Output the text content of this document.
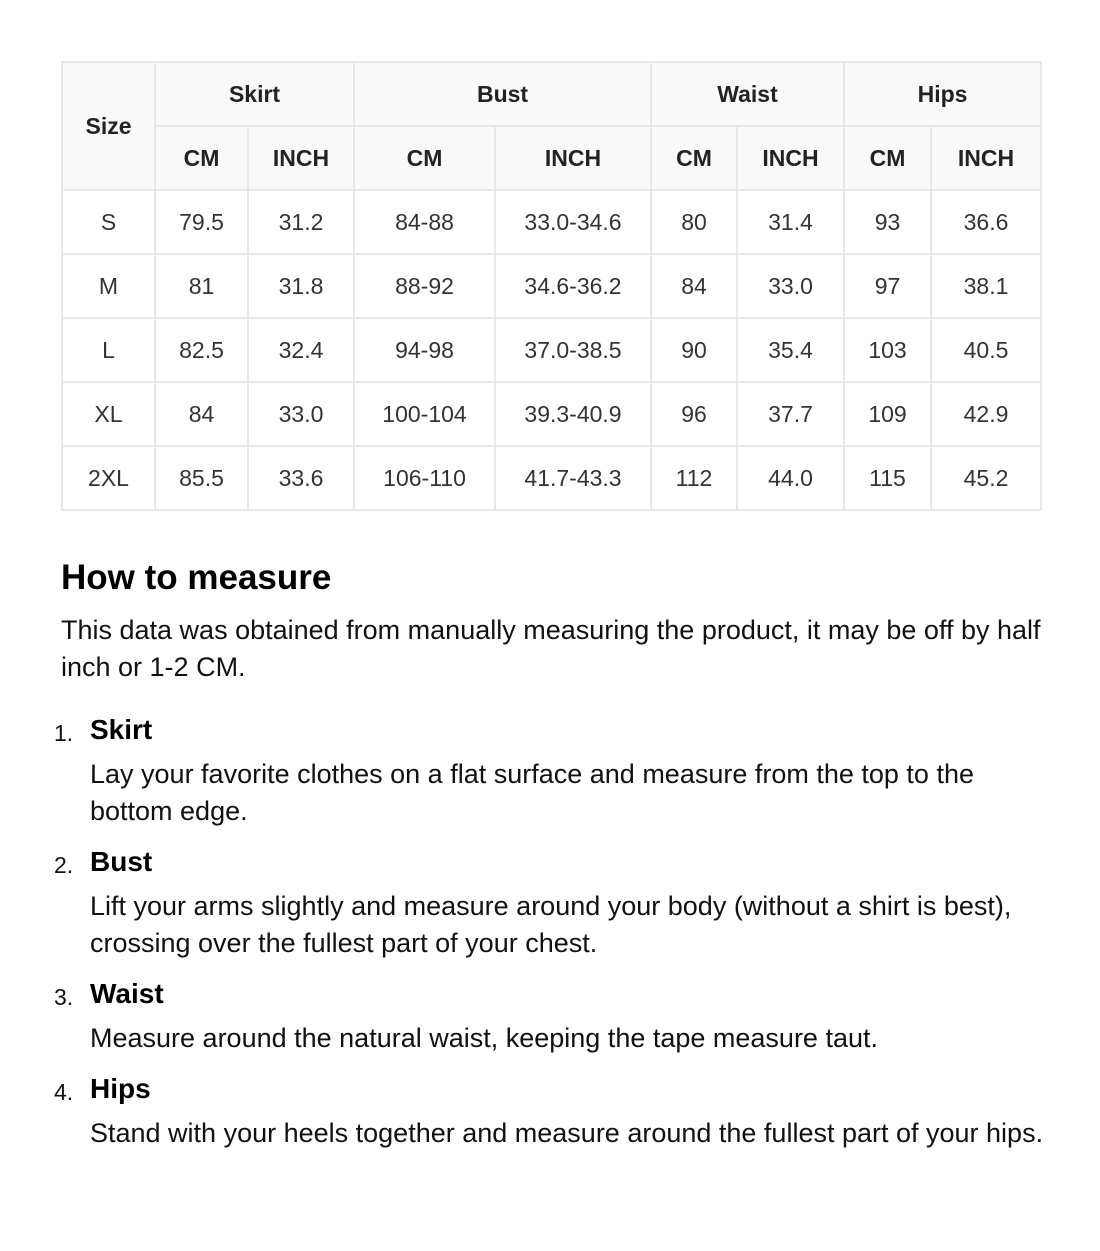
Size	Skirt		Bust		Waist		Hips	
	CM	INCH	CM	INCH	CM	INCH	CM	INCH
S	79.5	31.2	84-88	33.0-34.6	80	31.4	93	36.6
M	81	31.8	88-92	34.6-36.2	84	33.0	97	38.1
L	82.5	32.4	94-98	37.0-38.5	90	35.4	103	40.5
XL	84	33.0	100-104	39.3-40.9	96	37.7	109	42.9
2XL	85.5	33.6	106-110	41.7-43.3	112	44.0	115	45.2
How to measure

This data was obtained from manually measuring the product, it may be off by half inch or 1-2 CM.

1. Skirt
Lay your favorite clothes on a flat surface and measure from the top to the bottom edge.
2. Bust
Lift your arms slightly and measure around your body (without a shirt is best), crossing over the fullest part of your chest.
3. Waist
Measure around the natural waist, keeping the tape measure taut.
4. Hips
Stand with your heels together and measure around the fullest part of your hips.
